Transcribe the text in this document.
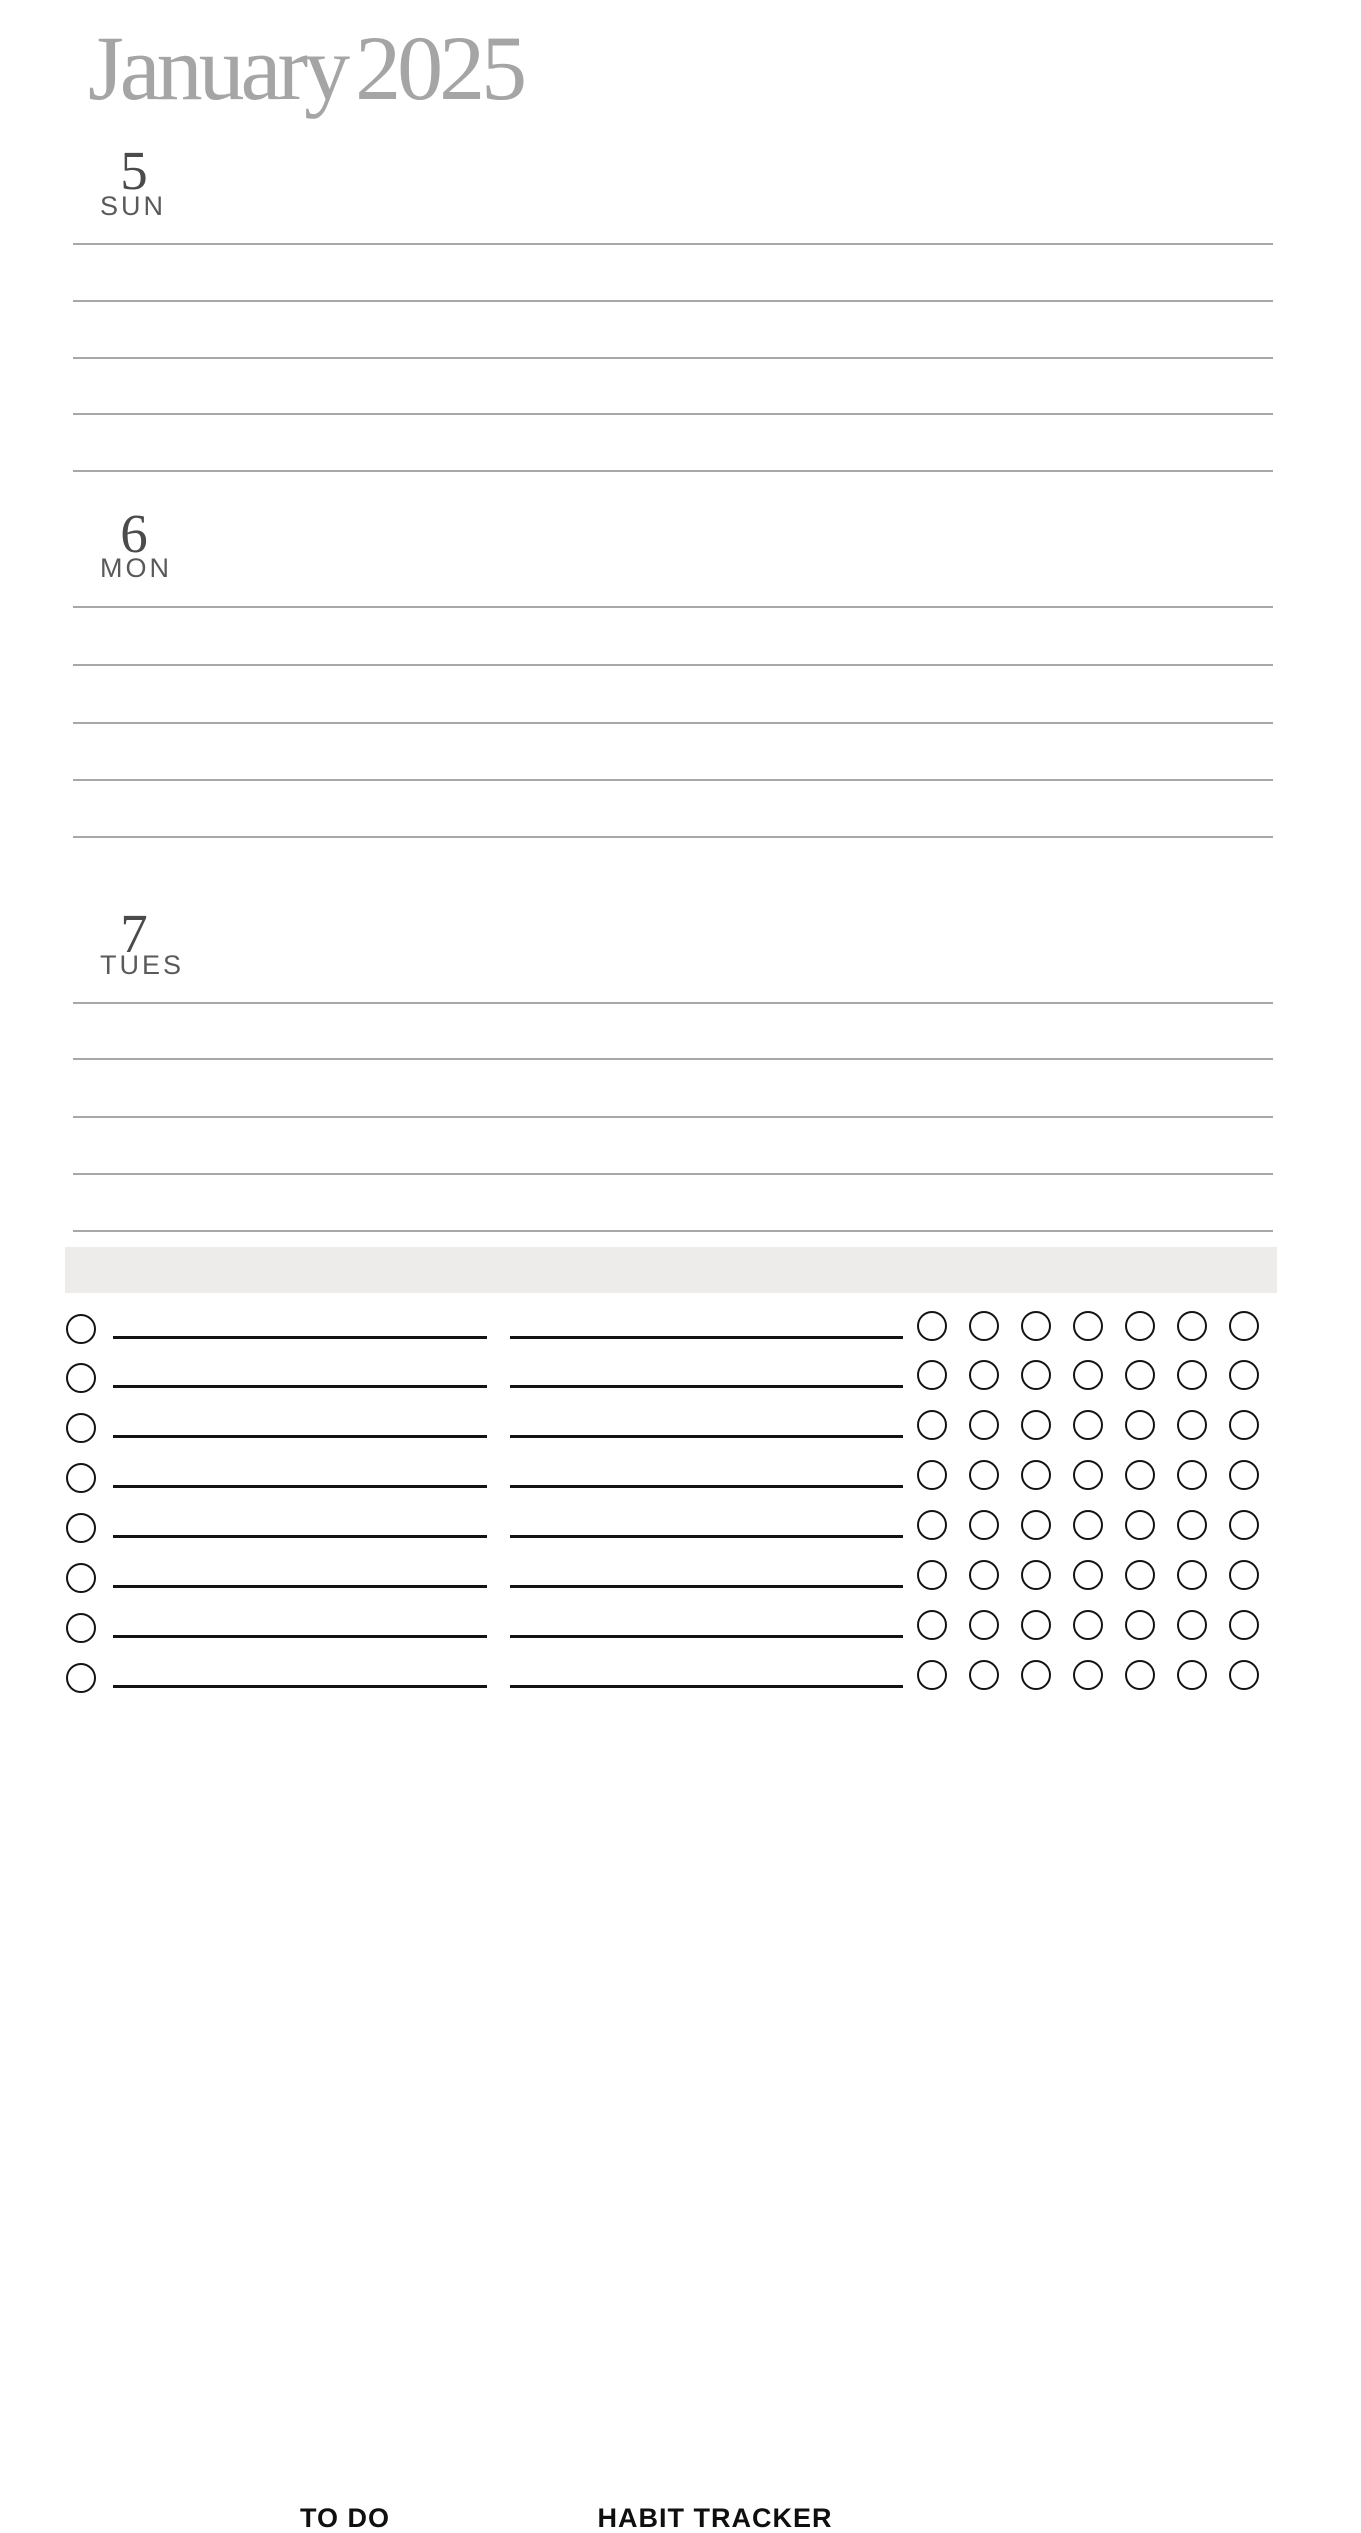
January 2025
5
SUN
6
MON
7
TUES
TO DO	HABIT TRACKER
